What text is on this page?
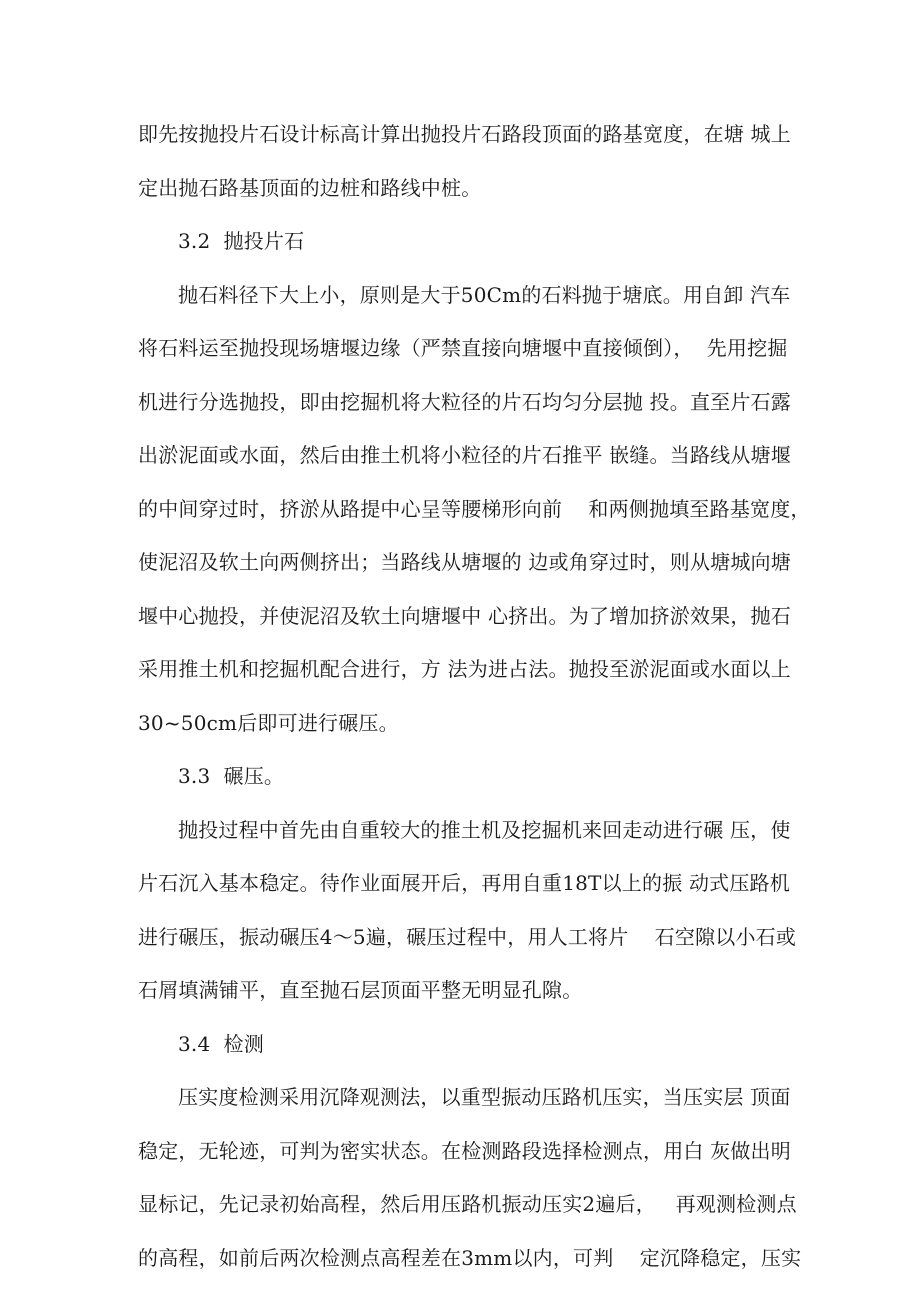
即先按抛投片石设计标高计算出抛投片石路段顶面的路基宽度，在塘 城上
定出抛石路基顶面的边桩和路线中桩。
3.2  抛投片石
抛石料径下大上小，原则是大于50Cm的石料抛于塘底。用自卸 汽车
将石料运至抛投现场塘堰边缘（严禁直接向塘堰中直接倾倒），  先用挖掘
机进行分选抛投，即由挖掘机将大粒径的片石均匀分层抛 投。直至片石露
出淤泥面或水面，然后由推土机将小粒径的片石推平 嵌缝。当路线从塘堰
的中间穿过时，挤淤从路提中心呈等腰梯形向前    和两侧抛填至路基宽度，
使泥沼及软土向两侧挤出；当路线从塘堰的 边或角穿过时，则从塘城向塘
堰中心抛投，并使泥沼及软土向塘堰中 心挤出。为了增加挤淤效果，抛石
采用推土机和挖掘机配合进行，方 法为进占法。抛投至淤泥面或水面以上
30~50cm后即可进行碾压。
3.3  碾压。
抛投过程中首先由自重较大的推土机及挖掘机来回走动进行碾 压，使
片石沉入基本稳定。待作业面展开后，再用自重18T以上的振 动式压路机
进行碾压，振动碾压4～5遍，碾压过程中，用人工将片    石空隙以小石或
石屑填满铺平，直至抛石层顶面平整无明显孔隙。
3.4  检测
压实度检测采用沉降观测法，以重型振动压路机压实，当压实层 顶面
稳定，无轮迹，可判为密实状态。在检测路段选择检测点，用白 灰做出明
显标记，先记录初始高程，然后用压路机振动压实2遍后，   再观测检测点
的高程，如前后两次检测点高程差在3mm以内，可判    定沉降稳定，压实
